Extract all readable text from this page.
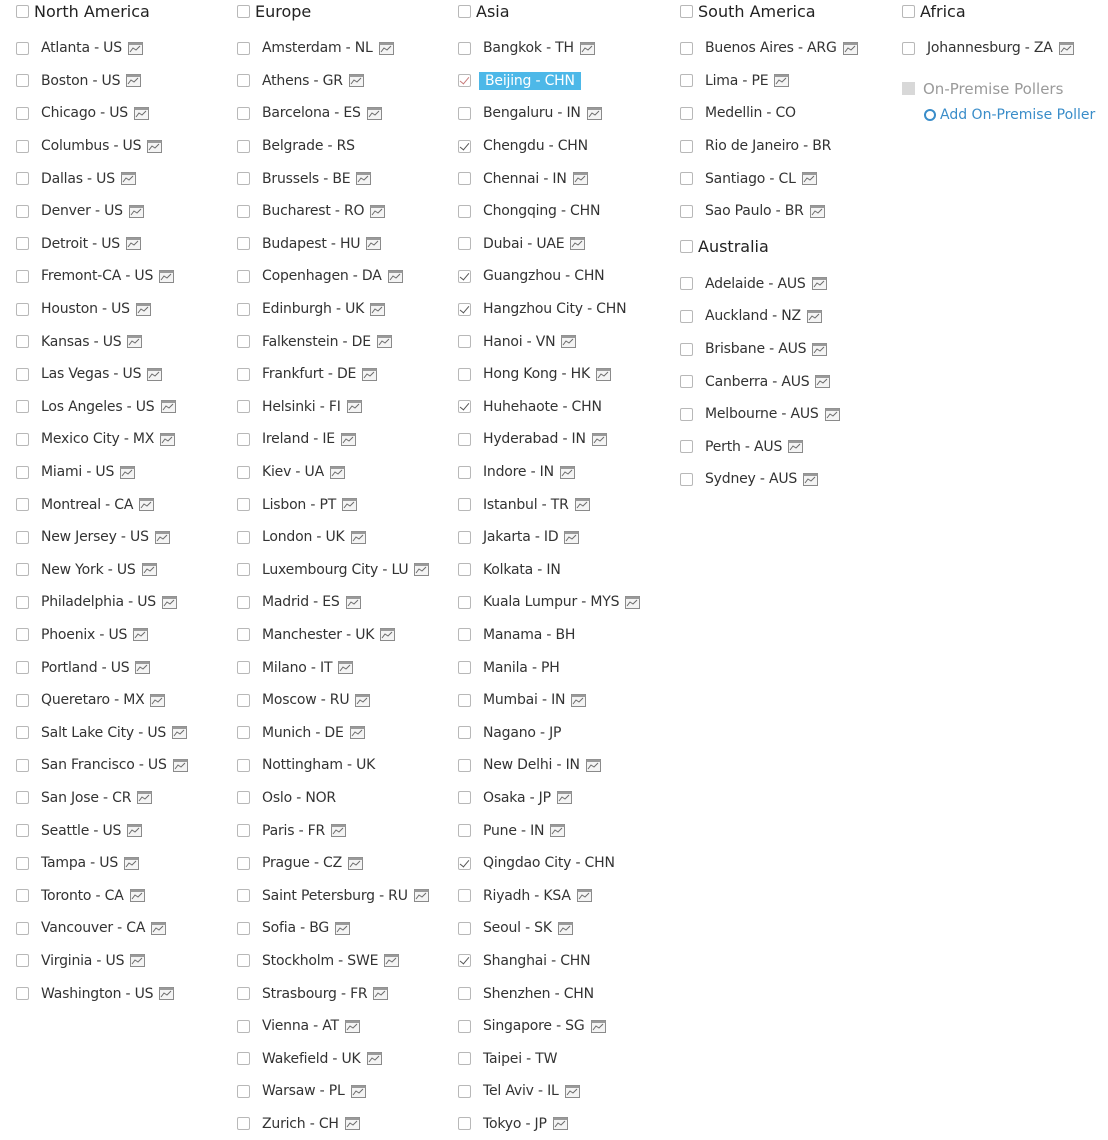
North America
Atlanta - US
Boston - US
Chicago - US
Columbus - US
Dallas - US
Denver - US
Detroit - US
Fremont-CA - US
Houston - US
Kansas - US
Las Vegas - US
Los Angeles - US
Mexico City - MX
Miami - US
Montreal - CA
New Jersey - US
New York - US
Philadelphia - US
Phoenix - US
Portland - US
Queretaro - MX
Salt Lake City - US
San Francisco - US
San Jose - CR
Seattle - US
Tampa - US
Toronto - CA
Vancouver - CA
Virginia - US
Washington - US
Europe
Amsterdam - NL
Athens - GR
Barcelona - ES
Belgrade - RS
Brussels - BE
Bucharest - RO
Budapest - HU
Copenhagen - DA
Edinburgh - UK
Falkenstein - DE
Frankfurt - DE
Helsinki - FI
Ireland - IE
Kiev - UA
Lisbon - PT
London - UK
Luxembourg City - LU
Madrid - ES
Manchester - UK
Milano - IT
Moscow - RU
Munich - DE
Nottingham - UK
Oslo - NOR
Paris - FR
Prague - CZ
Saint Petersburg - RU
Sofia - BG
Stockholm - SWE
Strasbourg - FR
Vienna - AT
Wakefield - UK
Warsaw - PL
Zurich - CH
Asia
Bangkok - TH
Beijing - CHN
Bengaluru - IN
Chengdu - CHN
Chennai - IN
Chongqing - CHN
Dubai - UAE
Guangzhou - CHN
Hangzhou City - CHN
Hanoi - VN
Hong Kong - HK
Huhehaote - CHN
Hyderabad - IN
Indore - IN
Istanbul - TR
Jakarta - ID
Kolkata - IN
Kuala Lumpur - MYS
Manama - BH
Manila - PH
Mumbai - IN
Nagano - JP
New Delhi - IN
Osaka - JP
Pune - IN
Qingdao City - CHN
Riyadh - KSA
Seoul - SK
Shanghai - CHN
Shenzhen - CHN
Singapore - SG
Taipei - TW
Tel Aviv - IL
Tokyo - JP
South America
Buenos Aires - ARG
Lima - PE
Medellin - CO
Rio de Janeiro - BR
Santiago - CL
Sao Paulo - BR
Australia
Adelaide - AUS
Auckland - NZ
Brisbane - AUS
Canberra - AUS
Melbourne - AUS
Perth - AUS
Sydney - AUS
Africa
Johannesburg - ZA
On-Premise Pollers
Add On-Premise Poller
